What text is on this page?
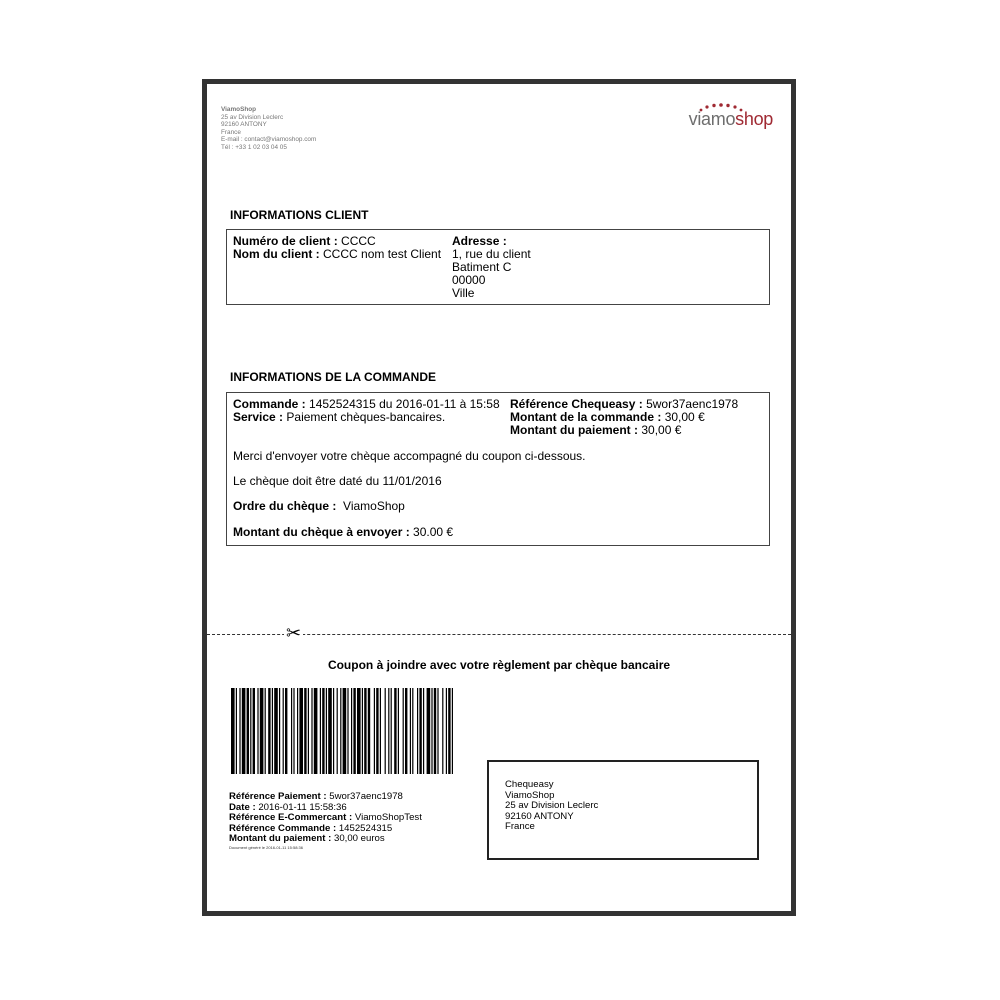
ViamoShop
25 av Division Leclerc
92160 ANTONY
France
E-mail : contact@viamoshop.com
Tél : +33 1 02 03 04 05
viamoshop
INFORMATIONS CLIENT
Numéro de client : CCCC
Nom du client : CCCC nom test Client
Adresse :
1, rue du client
Batiment C
00000
Ville
INFORMATIONS DE LA COMMANDE
Commande : 1452524315 du 2016-01-11 à 15:58
Service : Paiement chèques-bancaires.
Référence Chequeasy : 5wor37aenc1978
Montant de la commande : 30,00 €
Montant du paiement : 30,00 €
Merci d'envoyer votre chèque accompagné du coupon ci-dessous.
Le chèque doit être daté du 11/01/2016
Ordre du chèque : ViamoShop
Montant du chèque à envoyer : 30.00 €
✂
Coupon à joindre avec votre règlement par chèque bancaire
Référence Paiement : 5wor37aenc1978
Date : 2016-01-11 15:58:36
Référence E-Commercant : ViamoShopTest
Référence Commande : 1452524315
Montant du paiement : 30,00 euros
Document généré le 2016-01-11 15:58:36
Chequeasy
ViamoShop
25 av Division Leclerc
92160 ANTONY
France
